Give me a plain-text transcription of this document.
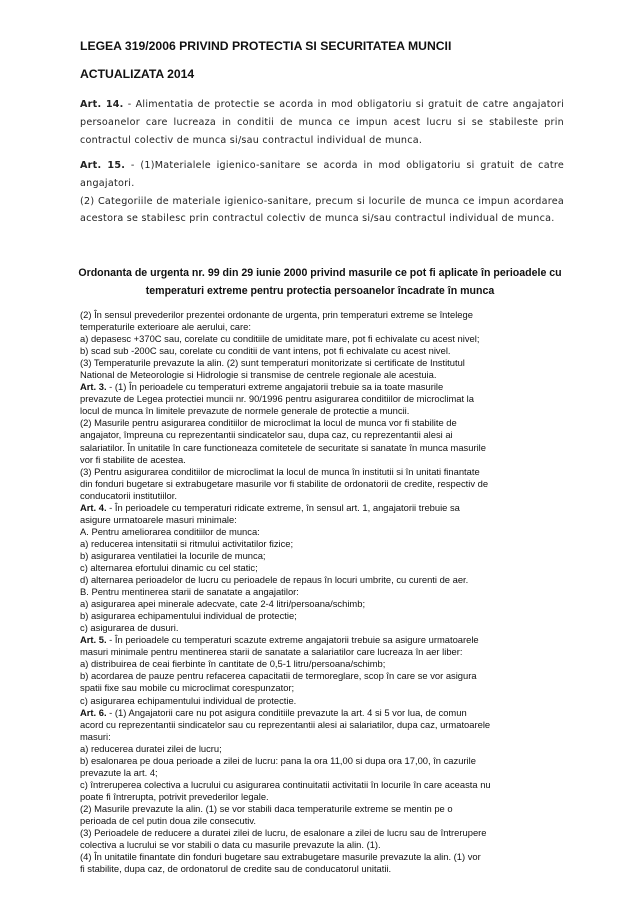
LEGEA 319/2006 PRIVIND PROTECTIA SI SECURITATEA MUNCII
ACTUALIZATA 2014
Art. 14. - Alimentatia de protectie se acorda in mod obligatoriu si gratuit de catre angajatori persoanelor care lucreaza in conditii de munca ce impun acest lucru si se stabileste prin contractul colectiv de munca si/sau contractul individual de munca.
Art. 15. - (1)Materialele igienico-sanitare se acorda in mod obligatoriu si gratuit de catre angajatori.
(2) Categoriile de materiale igienico-sanitare, precum si locurile de munca ce impun acordarea acestora se stabilesc prin contractul colectiv de munca si/sau contractul individual de munca.
Ordonanta de urgenta nr. 99 din 29 iunie 2000 privind masurile ce pot fi aplicate în perioadele cu temperaturi extreme pentru protectia persoanelor încadrate în munca
(2) În sensul prevederilor prezentei ordonante de urgenta, prin temperaturi extreme se întelege
temperaturile exterioare ale aerului, care:
a) depasesc +370C sau, corelate cu conditiile de umiditate mare, pot fi echivalate cu acest nivel;
b) scad sub -200C sau, corelate cu conditii de vant intens, pot fi echivalate cu acest nivel.
(3) Temperaturile prevazute la alin. (2) sunt temperaturi monitorizate si certificate de Institutul
National de Meteorologie si Hidrologie si transmise de centrele regionale ale acestuia.
Art. 3. - (1) În perioadele cu temperaturi extreme angajatorii trebuie sa ia toate masurile
prevazute de Legea protectiei muncii nr. 90/1996 pentru asigurarea conditiilor de microclimat la
locul de munca în limitele prevazute de normele generale de protectie a muncii.
(2) Masurile pentru asigurarea conditiilor de microclimat la locul de munca vor fi stabilite de
angajator, împreuna cu reprezentantii sindicatelor sau, dupa caz, cu reprezentantii alesi ai
salariatilor. În unitatile în care functioneaza comitetele de securitate si sanatate în munca masurile
vor fi stabilite de acestea.
(3) Pentru asigurarea conditiilor de microclimat la locul de munca în institutii si în unitati finantate
din fonduri bugetare si extrabugetare masurile vor fi stabilite de ordonatorii de credite, respectiv de
conducatorii institutiilor.
Art. 4. - În perioadele cu temperaturi ridicate extreme, în sensul art. 1, angajatorii trebuie sa
asigure urmatoarele masuri minimale:
A. Pentru ameliorarea conditiilor de munca:
a) reducerea intensitatii si ritmului activitatilor fizice;
b) asigurarea ventilatiei la locurile de munca;
c) alternarea efortului dinamic cu cel static;
d) alternarea perioadelor de lucru cu perioadele de repaus în locuri umbrite, cu curenti de aer.
B. Pentru mentinerea starii de sanatate a angajatilor:
a) asigurarea apei minerale adecvate, cate 2-4 litri/persoana/schimb;
b) asigurarea echipamentului individual de protectie;
c) asigurarea de dusuri.
Art. 5. - În perioadele cu temperaturi scazute extreme angajatorii trebuie sa asigure urmatoarele
masuri minimale pentru mentinerea starii de sanatate a salariatilor care lucreaza în aer liber:
a) distribuirea de ceai fierbinte în cantitate de 0,5-1 litru/persoana/schimb;
b) acordarea de pauze pentru refacerea capacitatii de termoreglare, scop în care se vor asigura
spatii fixe sau mobile cu microclimat corespunzator;
c) asigurarea echipamentului individual de protectie.
Art. 6. - (1) Angajatorii care nu pot asigura conditiile prevazute la art. 4 si 5 vor lua, de comun
acord cu reprezentantii sindicatelor sau cu reprezentantii alesi ai salariatilor, dupa caz, urmatoarele
masuri:
a) reducerea duratei zilei de lucru;
b) esalonarea pe doua perioade a zilei de lucru: pana la ora 11,00 si dupa ora 17,00, în cazurile
prevazute la art. 4;
c) întreruperea colectiva a lucrului cu asigurarea continuitatii activitatii în locurile în care aceasta nu
poate fi întrerupta, potrivit prevederilor legale.
(2) Masurile prevazute la alin. (1) se vor stabili daca temperaturile extreme se mentin pe o
perioada de cel putin doua zile consecutiv.
(3) Perioadele de reducere a duratei zilei de lucru, de esalonare a zilei de lucru sau de întrerupere
colectiva a lucrului se vor stabili o data cu masurile prevazute la alin. (1).
(4) În unitatile finantate din fonduri bugetare sau extrabugetare masurile prevazute la alin. (1) vor
fi stabilite, dupa caz, de ordonatorul de credite sau de conducatorul unitatii.
